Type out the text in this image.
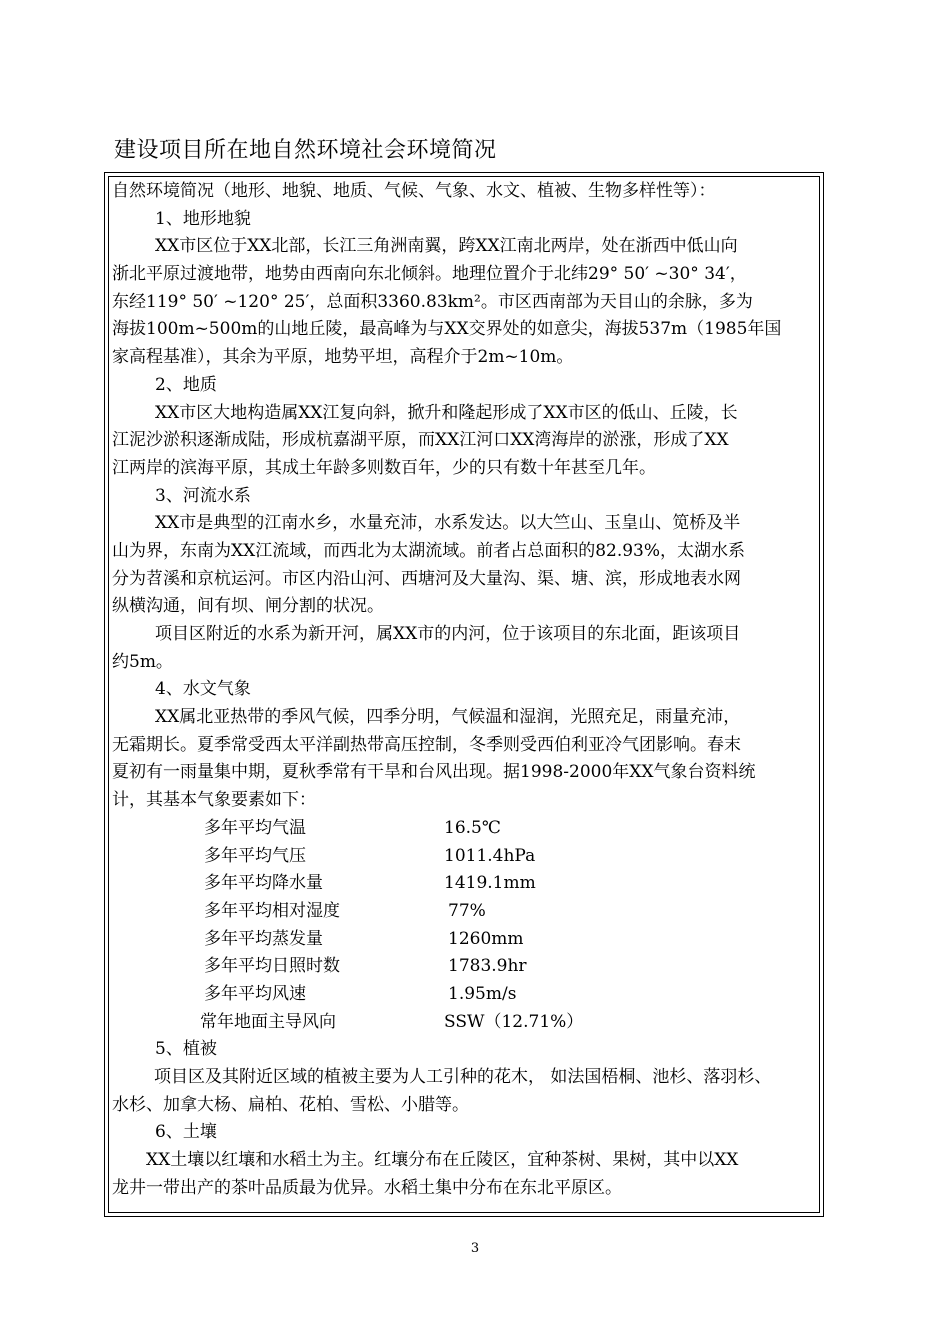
建设项目所在地自然环境社会环境简况
自然环境简况（地形、地貌、地质、气候、气象、水文、植被、生物多样性等）：
1、地形地貌
XX市区位于XX北部，长江三角洲南翼，跨XX江南北两岸，处在浙西中低山向
浙北平原过渡地带，地势由西南向东北倾斜。地理位置介于北纬29° 50′ ~30° 34′，
东经119° 50′ ~120° 25′，总面积3360.83km²。市区西南部为天目山的余脉，多为
海拔100m~500m的山地丘陵，最高峰为与XX交界处的如意尖，海拔537m（1985年国
家高程基准），其余为平原，地势平坦，高程介于2m~10m。
2、地质
XX市区大地构造属XX江复向斜，掀升和隆起形成了XX市区的低山、丘陵，长
江泥沙淤积逐渐成陆，形成杭嘉湖平原，而XX江河口XX湾海岸的淤涨，形成了XX
江两岸的滨海平原，其成土年龄多则数百年，少的只有数十年甚至几年。
3、河流水系
XX市是典型的江南水乡，水量充沛，水系发达。以大竺山、玉皇山、笕桥及半
山为界，东南为XX江流域，而西北为太湖流域。前者占总面积的82.93%，太湖水系
分为苕溪和京杭运河。市区内沿山河、西塘河及大量沟、渠、塘、滨，形成地表水网
纵横沟通，间有坝、闸分割的状况。
项目区附近的水系为新开河，属XX市的内河，位于该项目的东北面，距该项目
约5m。
4、水文气象
XX属北亚热带的季风气候，四季分明，气候温和湿润，光照充足，雨量充沛，
无霜期长。夏季常受西太平洋副热带高压控制，冬季则受西伯利亚冷气团影响。春末
夏初有一雨量集中期，夏秋季常有干旱和台风出现。据1998-2000年XX气象台资料统
计，其基本气象要素如下：
多年平均气温	16.5℃
多年平均气压	1011.4hPa
多年平均降水量	1419.1mm
多年平均相对湿度	77%
多年平均蒸发量	1260mm
多年平均日照时数	1783.9hr
多年平均风速	1.95m/s
常年地面主导风向	SSW（12.71%）
5、植被
项目区及其附近区域的植被主要为人工引种的花木， 如法国梧桐、池杉、落羽杉、
水杉、加拿大杨、扁柏、花柏、雪松、小腊等。
6、土壤
XX土壤以红壤和水稻土为主。红壤分布在丘陵区，宜种茶树、果树，其中以XX
龙井一带出产的茶叶品质最为优异。水稻土集中分布在东北平原区。
3
